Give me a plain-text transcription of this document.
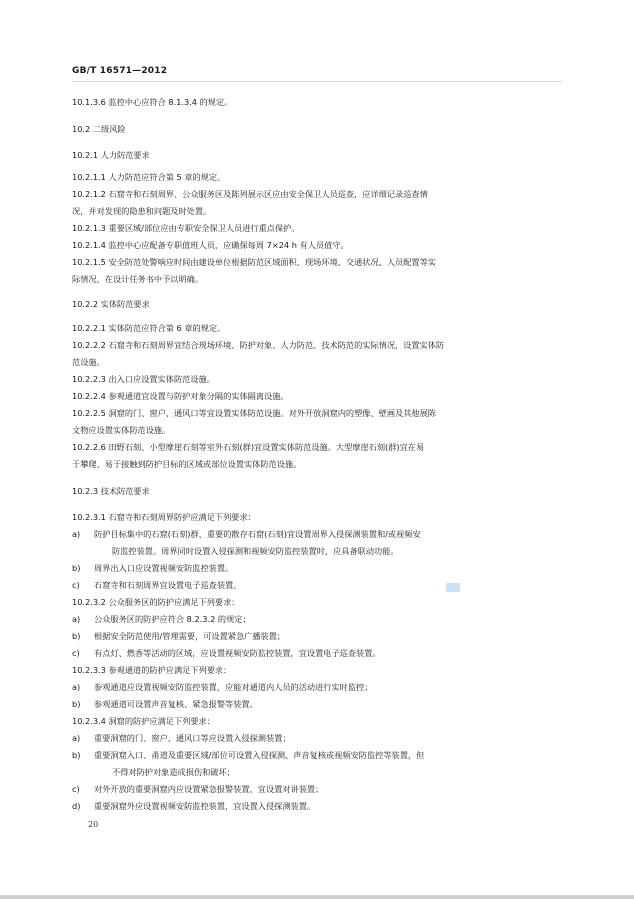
GB/T 16571—2012
10.1.3.6 监控中心应符合 8.1.3.4 的规定。
10.2 二级风险
10.2.1 人力防范要求
10.2.1.1 人力防范应符合第 5 章的规定。
10.2.1.2 石窟寺和石刻周界、公众服务区及陈列展示区应由安全保卫人员巡查，应详细记录巡查情
况，并对发现的隐患和问题及时处置。
10.2.1.3 重要区域/部位应由专职安全保卫人员进行重点保护。
10.2.1.4 监控中心应配备专职值班人员，应确保每周 7×24 h 有人员值守。
10.2.1.5 安全防范处警响应时间由建设单位根据防范区域面积、现场环境、交通状况、人员配置等实
际情况，在设计任务书中予以明确。
10.2.2 实体防范要求
10.2.2.1 实体防范应符合第 6 章的规定。
10.2.2.2 石窟寺和石刻周界宜结合现场环境、防护对象、人力防范、技术防范的实际情况，设置实体防
范设施。
10.2.2.3 出入口应设置实体防范设施。
10.2.2.4 参观通道宜设置与防护对象分隔的实体隔离设施。
10.2.2.5 洞窟的门、窗户、通风口等宜设置实体防范设施。对外开放洞窟内的塑像、壁画及其他展陈
文物应设置实体防范设施。
10.2.2.6 田野石刻、小型摩崖石刻等室外石刻(群)宜设置实体防范设施。大型摩崖石刻(群)宜在易
于攀爬、易于接触到防护目标的区域或部位设置实体防范设施。
10.2.3 技术防范要求
10.2.3.1 石窟寺和石刻周界防护应满足下列要求：
a) 防护目标集中的石窟(石刻)群、重要的散存石窟(石刻)宜设置周界入侵探测装置和/或视频安
防监控装置。周界同时设置入侵探测和视频安防监控装置时，应具备联动功能。
b) 周界出入口应设置视频安防监控装置。
c) 石窟寺和石刻周界宜设置电子巡查装置。
10.2.3.2 公众服务区的防护应满足下列要求：
a) 公众服务区的防护应符合 8.2.3.2 的规定；
b) 根据安全防范使用/管理需要，可设置紧急广播装置；
c) 有点灯、燃香等活动的区域，应设置视频安防监控装置，宜设置电子巡查装置。
10.2.3.3 参观通道的防护应满足下列要求：
a) 参观通道应设置视频安防监控装置，应能对通道内人员的活动进行实时监控；
b) 参观通道可设置声音复核、紧急报警等装置。
10.2.3.4 洞窟的防护应满足下列要求：
a) 重要洞窟的门、窗户、通风口等应设置入侵探测装置；
b) 重要洞窟入口、甬道及重要区域/部位可设置入侵探测、声音复核或视频安防监控等装置，但
不得对防护对象造成损伤和破坏；
c) 对外开放的重要洞窟内应设置紧急报警装置，宜设置对讲装置；
d) 重要洞窟外应设置视频安防监控装置，宜设置入侵探测装置。
20
